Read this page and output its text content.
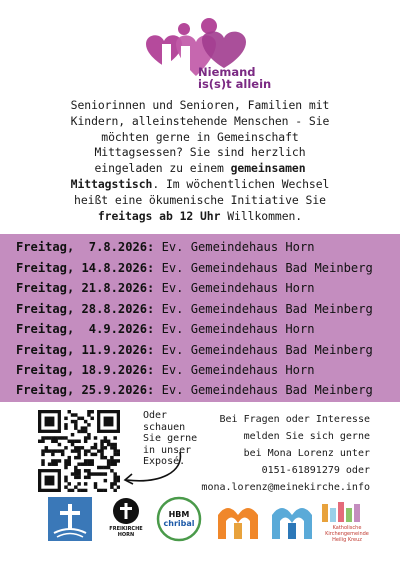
Niemand
is(s)t allein
Seniorinnen und Senioren, Familien mit
Kindern, alleinstehende Menschen - Sie
möchten gerne in Gemeinschaft
Mittagsessen? Sie sind herzlich
eingeladen zu einem gemeinsamen
Mittagstisch. Im wöchentlichen Wechsel
heißt eine ökumenische Initiative Sie
freitags ab 12 Uhr Willkommen.
Freitag,  7.8.2026: Ev. Gemeindehaus Horn
Freitag, 14.8.2026: Ev. Gemeindehaus Bad Meinberg
Freitag, 21.8.2026: Ev. Gemeindehaus Horn
Freitag, 28.8.2026: Ev. Gemeindehaus Bad Meinberg
Freitag,  4.9.2026: Ev. Gemeindehaus Horn
Freitag, 11.9.2026: Ev. Gemeindehaus Bad Meinberg
Freitag, 18.9.2026: Ev. Gemeindehaus Horn
Freitag, 25.9.2026: Ev. Gemeindehaus Bad Meinberg
Oder
schauen
Sie gerne
in unser
Exposé.
Bei Fragen oder Interesse
melden Sie sich gerne
bei Mona Lorenz unter
0151-61891279 oder
mona.lorenz@meinekirche.info
FREIKIRCHE
HORN
HBM
chribal	Katholische
Kirchengemeinde
Heilig Kreuz
